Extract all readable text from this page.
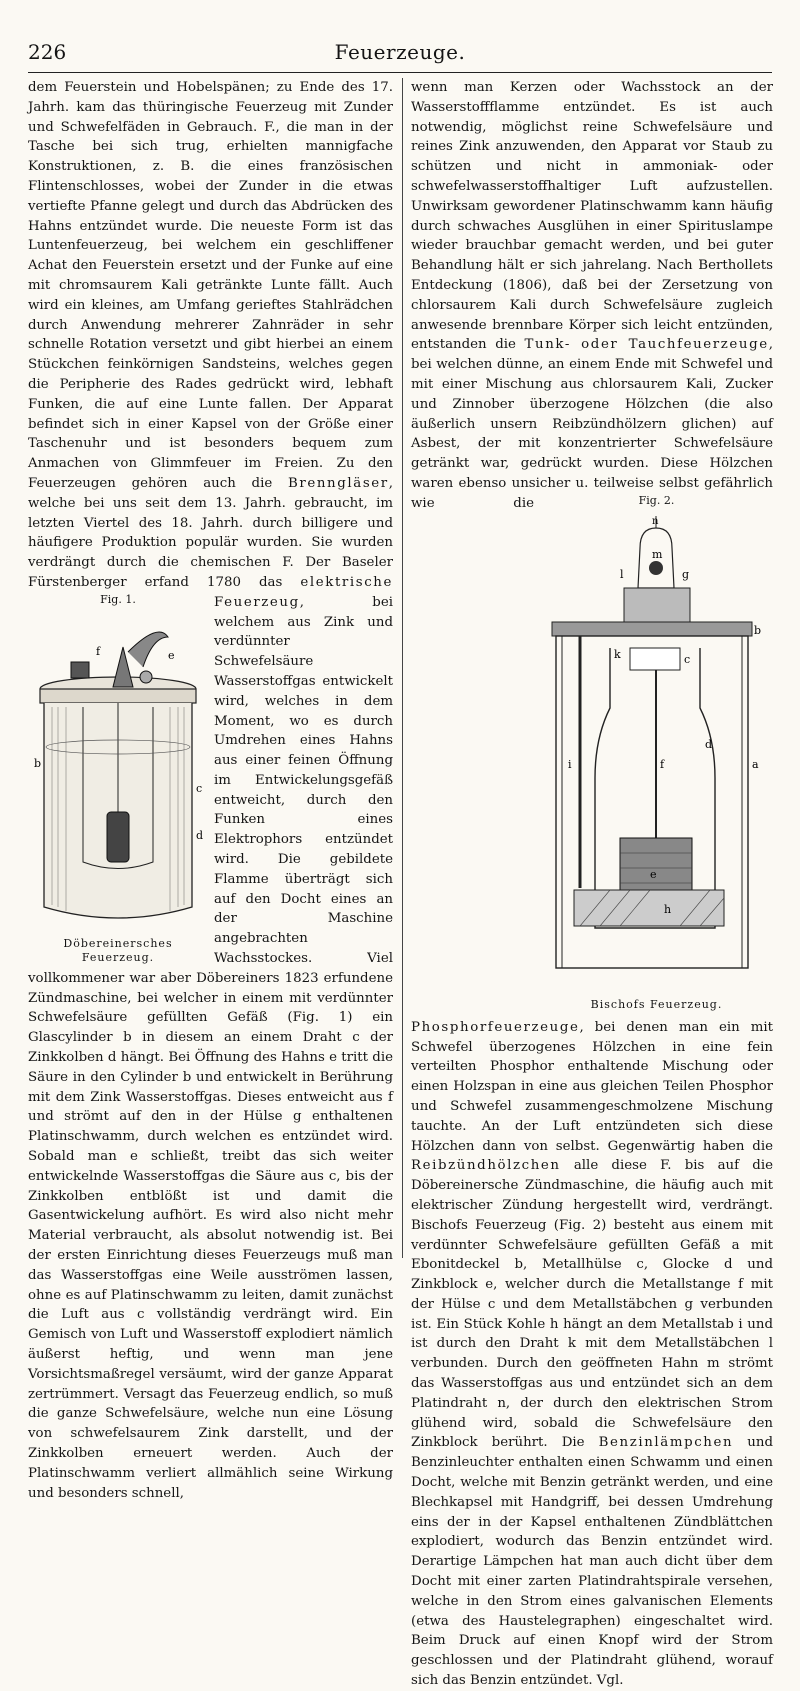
226	Feuerzeuge.

dem Feuerstein und Hobelspänen; zu Ende des 17. Jahrh. kam das thüringische Feuerzeug mit Zunder und Schwefelfäden in Gebrauch. F., die man in der Tasche bei sich trug, erhielten mannigfache Konstruktionen, z. B. die eines französischen Flintenschlosses, wobei der Zunder in die etwas vertiefte Pfanne gelegt und durch das Abdrücken des Hahns entzündet wurde. Die neueste Form ist das Luntenfeuerzeug, bei welchem ein geschliffener Achat den Feuerstein ersetzt und der Funke auf eine mit chromsaurem Kali getränkte Lunte fällt. Auch wird ein kleines, am Umfang gerieftes Stahlrädchen durch Anwendung mehrerer Zahnräder in sehr schnelle Rotation versetzt und gibt hierbei an einem Stückchen feinkörnigen Sandsteins, welches gegen die Peripherie des Rades gedrückt wird, lebhaft Funken, die auf eine Lunte fallen. Der Apparat befindet sich in einer Kapsel von der Größe einer Taschenuhr und ist besonders bequem zum Anmachen von Glimmfeuer im Freien. Zu den Feuerzeugen gehören auch die Brenngläser, welche bei uns seit dem 13. Jahrh. gebraucht, im letzten Viertel des 18. Jahrh. durch billigere und häufigere Produktion populär wurden. Sie wurden verdrängt durch die chemischen F. Der Baseler Fürstenberger erfand 1780 das
Fig. 1.
f	e
b
c
d
Döbereinersches
Feuerzeug.
elektrische Feuerzeug, bei welchem aus Zink und verdünnter Schwefelsäure Wasserstoffgas entwickelt wird, welches in dem Moment, wo es durch Umdrehen eines Hahns aus einer feinen Öffnung im Entwickelungsgefäß entweicht, durch den Funken eines Elektrophors entzündet wird. Die gebildete Flamme überträgt sich auf den Docht eines an der Maschine angebrachten Wachsstockes. Viel vollkommener war aber Döbereiners 1823 erfundene Zündmaschine, bei welcher in einem mit verdünnter Schwefelsäure gefüllten Gefäß (Fig. 1) ein Glascylinder b in diesem an einem Draht c der Zinkkolben d hängt. Bei Öffnung des Hahns e tritt die Säure in den Cylinder b und entwickelt in Berührung mit dem Zink Wasserstoffgas. Dieses entweicht aus f und strömt auf den in der Hülse g enthaltenen Platinschwamm, durch welchen es entzündet wird. Sobald man e schließt, treibt das sich weiter entwickelnde Wasserstoffgas die Säure aus c, bis der Zinkkolben entblößt ist und damit die Gasentwickelung aufhört. Es wird also nicht mehr Material verbraucht, als absolut notwendig ist. Bei der ersten Einrichtung dieses Feuerzeugs muß man das Wasserstoffgas eine Weile ausströmen lassen, ohne es auf Platinschwamm zu leiten, damit zunächst die Luft aus c vollständig verdrängt wird. Ein Gemisch von Luft und Wasserstoff explodiert nämlich äußerst heftig, und wenn man jene Vorsichtsmaßregel versäumt, wird der ganze Apparat zertrümmert. Versagt das Feuerzeug endlich, so muß die ganze Schwefelsäure, welche nun eine Lösung von schwefelsaurem Zink darstellt, und der Zinkkolben erneuert werden. Auch der Platinschwamm verliert allmählich seine Wirkung und besonders schnell,

wenn man Kerzen oder Wachsstock an der Wasserstoffflamme entzündet. Es ist auch notwendig, möglichst reine Schwefelsäure und reines Zink anzuwenden, den Apparat vor Staub zu schützen und nicht in ammoniak- oder schwefelwasserstoffhaltiger Luft aufzustellen. Unwirksam gewordener Platinschwamm kann häufig durch schwaches Ausglühen in einer Spirituslampe wieder brauchbar gemacht werden, und bei guter Behandlung hält er sich jahrelang. Nach Berthollets Entdeckung (1806), daß bei der Zersetzung von chlorsaurem Kali durch Schwefelsäure zugleich anwesende brennbare Körper sich leicht entzünden, entstanden die Tunk- oder Tauchfeuerzeuge, bei welchen dünne, an einem Ende mit Schwefel und mit einer Mischung aus chlorsaurem Kali, Zucker und Zinnober überzogene Hölzchen (die also äußerlich unsern Reibzündhölzern glichen) auf Asbest, der mit konzentrierter Schwefelsäure getränkt war, gedrückt wurden. Diese Hölzchen waren ebenso unsicher u. teilweise selbst gefährlich wie die	Fig. 2.
n
m
l	g
b
k	c
f
i
d
a
e
h
Bischofs Feuerzeug.
Phosphorfeuerzeuge, bei denen man ein mit Schwefel überzogenes Hölzchen in eine fein verteilten Phosphor enthaltende Mischung oder einen Holzspan in eine aus gleichen Teilen Phosphor und Schwefel zusammengeschmolzene Mischung tauchte. An der Luft entzündeten sich diese Hölzchen dann von selbst. Gegenwärtig haben die Reibzündhölzchen alle diese F. bis auf die Döbereinersche Zündmaschine, die häufig auch mit elektrischer Zündung hergestellt wird, verdrängt. Bischofs Feuerzeug (Fig. 2) besteht aus einem mit verdünnter Schwefelsäure gefüllten Gefäß a mit Ebonitdeckel b, Metallhülse c, Glocke d und Zinkblock e, welcher durch die Metallstange f mit der Hülse c und dem Metallstäbchen g verbunden ist. Ein Stück Kohle h hängt an dem Metallstab i und ist durch den Draht k mit dem Metallstäbchen l verbunden. Durch den geöffneten Hahn m strömt das Wasserstoffgas aus und entzündet sich an dem Platindraht n, der durch den elektrischen Strom glühend wird, sobald die Schwefelsäure den Zinkblock berührt. Die Benzinlämpchen und Benzinleuchter enthalten einen Schwamm und einen Docht, welche mit Benzin getränkt werden, und eine Blechkapsel mit Handgriff, bei dessen Umdrehung eins der in der Kapsel enthaltenen Zündblättchen explodiert, wodurch das Benzin entzündet wird. Derartige Lämpchen hat man auch dicht über dem Docht mit einer zarten Platindrahtspirale versehen, welche in den Strom eines galvanischen Elements (etwa des Haustelegraphen) eingeschaltet wird. Beim Druck auf einen Knopf wird der Strom geschlossen und der Platindraht glühend, worauf sich das Benzin entzündet. Vgl.
